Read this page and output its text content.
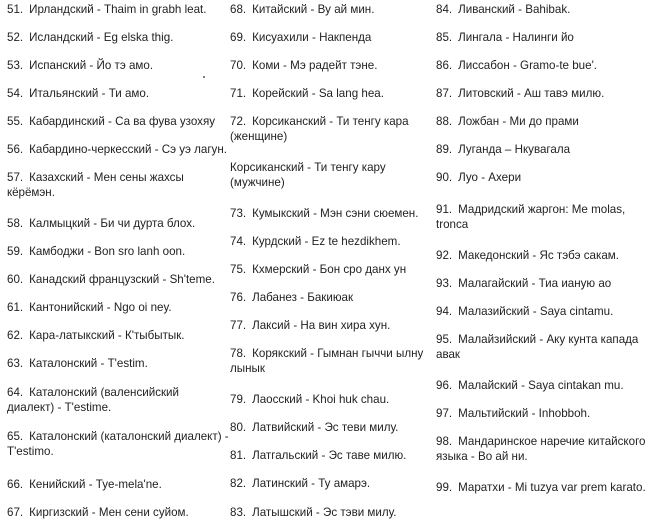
51. Ирландский - Thaim in grabh leat.
52. Исландский - Eg elska thig.
53. Испанский - Йо тэ амо.
54. Итальянский - Ти амо.
55. Кабардинский - Са ва фува узохяу
56. Кабардино-черкесский - Сэ уэ лагун.
57. Казахский - Мен сены жахсы кёрёмэн.
58. Калмыцкий - Би чи дурта блох.
59. Камбоджи - Bon sro lanh oon.
60. Канадский французский - Sh'teme.
61. Кантонийский - Ngo oi ney.
62. Кара-латыкский - К'тыбытык.
63. Каталонский - T'estim.
64. Каталонский (валенсийский диалект) - T'estime.
65. Каталонский (каталонский диалект) - T'estimo.
66. Кенийский - Tye-mela'ne.
67. Киргизский - Мен сени суйом.
68. Китайский - Ву ай мин.
69. Кисуахили - Накпенда
70. Коми - Мэ радейт тэне.
71. Корейский - Sa lang hea.
72. Корсиканский - Ти тенгу кара (женщине)
Корсиканский - Ти тенгу кару (мужчине)
73. Кумыкский - Мэн сэни сюемен.
74. Курдский - Ez te hezdikhem.
75. Кхмерский - Бон сро данх ун
76. Лабанез - Бакиюак
77. Лаксий - На вин хира хун.
78. Корякский - Гымнан гыччи ылну лынык
79. Лаосский - Khoi huk chau.
80. Латвийский - Эс теви милу.
81. Латгальский - Эс таве милю.
82. Латинский - Ту амарэ.
83. Латышский - Эс тэви милу.
84. Ливанский - Bahibak.
85. Лингала - Налинги йо
86. Лиссабон - Gramo-te bue'.
87. Литовский - Аш тавэ милю.
88. Ложбан - Ми до прами
89. Луганда – Нкувагала
90. Луо - Ахери
91. Мадридский жаргон: Me molas, tronca
92. Македонский - Яс тэбэ сакам.
93. Малагайский - Тиа ианую ао
94. Малазийский - Saya cintamu.
95. Малайзийский - Аку кунта капада авак
96. Малайский - Saya cintakan mu.
97. Мальтийский - Inhobboh.
98. Мандаринское наречие китайского языка - Во ай ни.
99. Маратхи - Mi tuzya var prem karato.
